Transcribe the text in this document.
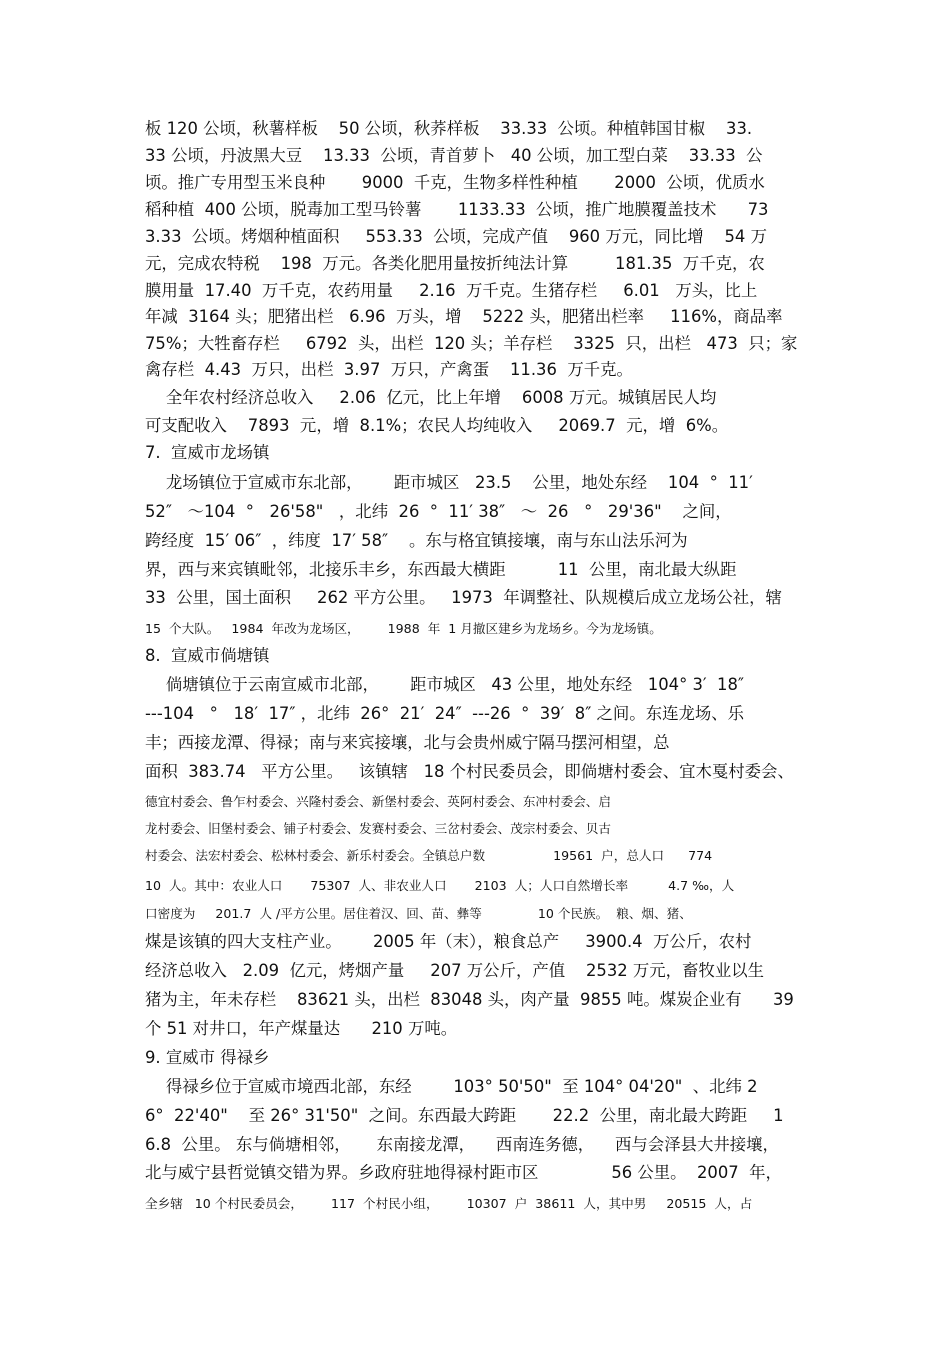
板 120 公顷，秋薯样板    50 公顷，秋荞样板    33.33  公顷。种植韩国甘椒    33.
33 公顷，丹波黑大豆    13.33  公顷，青首萝卜   40 公顷，加工型白菜    33.33  公
顷。推广专用型玉米良种       9000  千克，生物多样性种植       2000  公顷，优质水
稻种植  400 公顷，脱毒加工型马铃薯       1133.33  公顷，推广地膜覆盖技术      73
3.33  公顷。烤烟种植面积     553.33  公顷，完成产值    960 万元，同比增    54 万
元，完成农特税    198  万元。各类化肥用量按折纯法计算         181.35  万千克，农
膜用量  17.40  万千克，农药用量     2.16  万千克。生猪存栏     6.01   万头，比上
年减  3164 头；肥猪出栏   6.96  万头，增    5222 头，肥猪出栏率     116%，商品率
75%；大牲畜存栏     6792  头，出栏  120 头；羊存栏    3325  只，出栏   473  只；家
禽存栏  4.43  万只，出栏  3.97  万只，产禽蛋    11.36  万千克。
全年农村经济总收入     2.06  亿元，比上年增    6008 万元。城镇居民人均
可支配收入    7893  元，增  8.1%；农民人均纯收入     2069.7  元，增  6%。
7.  宣威市龙场镇
龙场镇位于宣威市东北部，      距市城区   23.5    公里，地处东经    104  °  11′
52″   ～104  °   26'58"   ，北纬  26  °  11′ 38″   ～  26   °   29'36"    之间，
跨经度  15′ 06″  ，纬度  17′ 58″    。东与格宜镇接壤，南与东山法乐河为
界，西与来宾镇毗邻，北接乐丰乡，东西最大横距          11  公里，南北最大纵距
33  公里，国土面积     262 平方公里。   1973  年调整社、队规模后成立龙场公社，辖
15  个大队。   1984  年改为龙场区，       1988  年  1 月撤区建乡为龙场乡。今为龙场镇。
8.  宣威市倘塘镇
倘塘镇位于云南宣威市北部，      距市城区   43 公里，地处东经   104° 3′  18″
---104   °   18′  17″ ，北纬  26°  21′  24″  ---26  °  39′  8″ 之间。东连龙场、乐
丰；西接龙潭、得禄；南与来宾接壤，北与会贵州威宁隔马摆河相望，总
面积  383.74   平方公里。   该镇辖   18 个村民委员会，即倘塘村委会、宜木戛村委会、
德宜村委会、鲁乍村委会、兴隆村委会、新堡村委会、英阿村委会、东冲村委会、启
龙村委会、旧堡村委会、铺子村委会、发赛村委会、三岔村委会、茂宗村委会、贝古
村委会、法宏村委会、松林村委会、新乐村委会。全镇总户数                 19561  户，总人口      774
10  人。其中：农业人口       75307  人、非农业人口       2103  人；人口自然增长率          4.7 ‰，人
口密度为     201.7  人 /平方公里。居住着汉、回、苗、彝等              10 个民族。  粮、烟、猪、
煤是该镇的四大支柱产业。      2005 年（末），粮食总产     3900.4  万公斤，农村
经济总收入   2.09  亿元，烤烟产量     207 万公斤，产值    2532 万元，畜牧业以生
猪为主，年未存栏    83621 头，出栏  83048 头，肉产量  9855 吨。煤炭企业有      39
个 51 对井口，年产煤量达      210 万吨。
9. 宣威市 得禄乡
得禄乡位于宣威市境西北部，东经        103° 50'50"  至 104° 04'20"  、北纬 2
6°  22'40"    至 26° 31'50"  之间。东西最大跨距       22.2  公里，南北最大跨距     1
6.8  公里。 东与倘塘相邻，     东南接龙潭，    西南连务德，    西与会泽县大井接壤，
北与威宁县哲觉镇交错为界。乡政府驻地得禄村距市区              56 公里。  2007  年，
全乡辖   10 个村民委员会，       117  个村民小组，       10307  户  38611  人，其中男     20515  人，占
